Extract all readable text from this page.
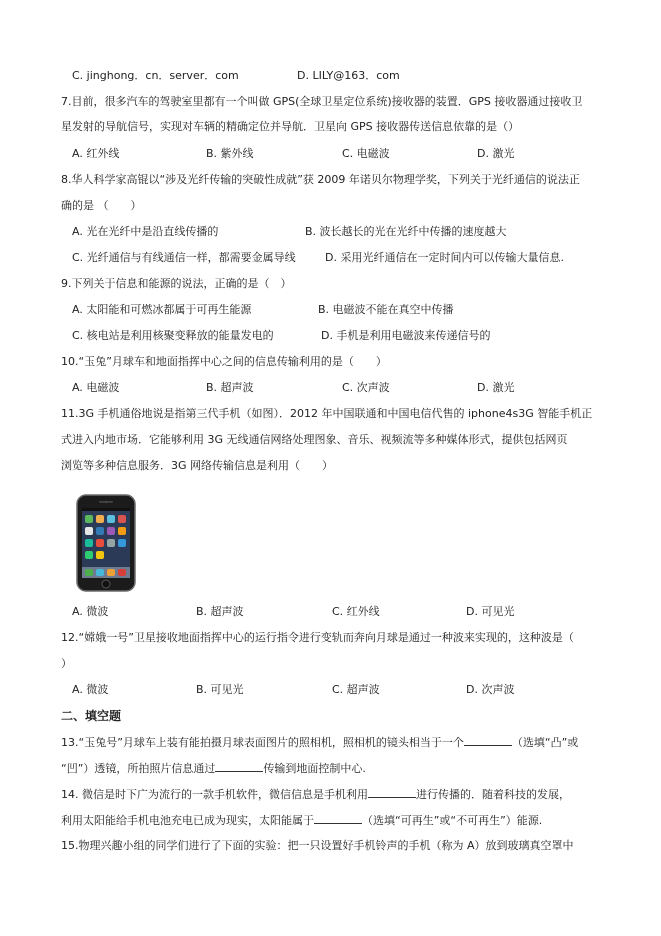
C. jinghong．cn．server．com	D. LILY@163．com
7.目前，很多汽车的驾驶室里都有一个叫做 GPS(全球卫星定位系统)接收器的装置．GPS 接收器通过接收卫
星发射的导航信号，实现对车辆的精确定位并导航．卫星向 GPS 接收器传送信息依靠的是（）
A. 红外线	B. 紫外线	C. 电磁波	D. 激光
8.华人科学家高锟以“涉及光纤传输的突破性成就”获 2009 年诺贝尔物理学奖，下列关于光纤通信的说法正
确的是 （　　）
A. 光在光纤中是沿直线传播的	B. 波长越长的光在光纤中传播的速度越大
C. 光纤通信与有线通信一样，都需要金属导线	D. 采用光纤通信在一定时间内可以传输大量信息.
9.下列关于信息和能源的说法，正确的是（　）
A. 太阳能和可燃冰都属于可再生能源	B. 电磁波不能在真空中传播
C. 核电站是利用核聚变释放的能量发电的	D. 手机是利用电磁波来传递信号的
10.“玉兔”月球车和地面指挥中心之间的信息传输利用的是（　　）
A. 电磁波	B. 超声波	C. 次声波	D. 激光
11.3G 手机通俗地说是指第三代手机（如图）．2012 年中国联通和中国电信代售的 iphone4s3G 智能手机正
式进入内地市场．它能够利用 3G 无线通信网络处理图象、音乐、视频流等多种媒体形式，提供包括网页
浏览等多种信息服务．3G 网络传输信息是利用（　　）
A. 微波	B. 超声波	C. 红外线	D. 可见光
12.“嫦娥一号”卫星接收地面指挥中心的运行指令进行变轨而奔向月球是通过一种波来实现的，这种波是（
）
A. 微波	B. 可见光	C. 超声波	D. 次声波
二、填空题
13.“玉兔号”月球车上装有能拍摄月球表面图片的照相机，照相机的镜头相当于一个	（选填“凸”或
“凹”）透镜，所拍照片信息通过	传输到地面控制中心.
14. 微信是时下广为流行的一款手机软件，微信信息是手机利用	进行传播的．随着科技的发展，
利用太阳能给手机电池充电已成为现实，太阳能属于	（选填“可再生”或“不可再生”）能源.
15.物理兴趣小组的同学们进行了下面的实验：把一只设置好手机铃声的手机（称为 A）放到玻璃真空罩中
